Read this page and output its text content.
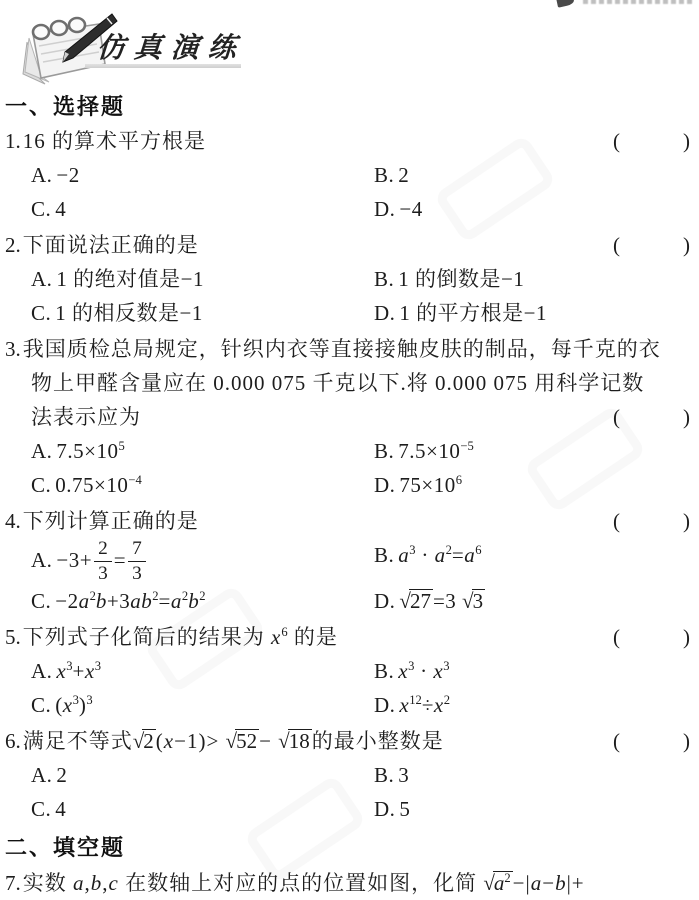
仿真演练
一、选择题
1.16 的算术平方根是	(　　　)
A. −2	B. 2
C. 4	D. −4
2.下面说法正确的是	(　　　)
A. 1 的绝对值是−1	B. 1 的倒数是−1
C. 1 的相反数是−1	D. 1 的平方根是−1
3.我国质检总局规定，针织内衣等直接接触皮肤的制品，每千克的衣
物上甲醛含量应在 0.000 075 千克以下.将 0.000 075 用科学记数
法表示应为	(　　　)
A. $7.5\times 10^5$	B. $7.5\times 10^{-5}$
C. $0.75\times 10^{-4}$	D. $75\times 10^6$
4.下列计算正确的是	(　　　)
A. $-3+ \frac{2}{3} = \frac{7}{3}$	B. $a^3 \cdot a^2=a^6$
C. $-2a^2b+3ab^2=a^2b^2$	D. √27=3 √3
5.下列式子化简后的结果为 $x^6$ 的是	(　　　)
A. $x^3+x^3$	B. $x^3 \cdot x^3$
C. $(x^3)^3$	D. $x^{12}\div x^2$
6.满足不等式√2(x−1)> √52− √18的最小整数是	(　　　)
A. 2	B. 3
C. 4	D. 5
二、填空题
7.实数 a,b,c 在数轴上对应的点的位置如图，化简 $√a^2-|a-b|+$
